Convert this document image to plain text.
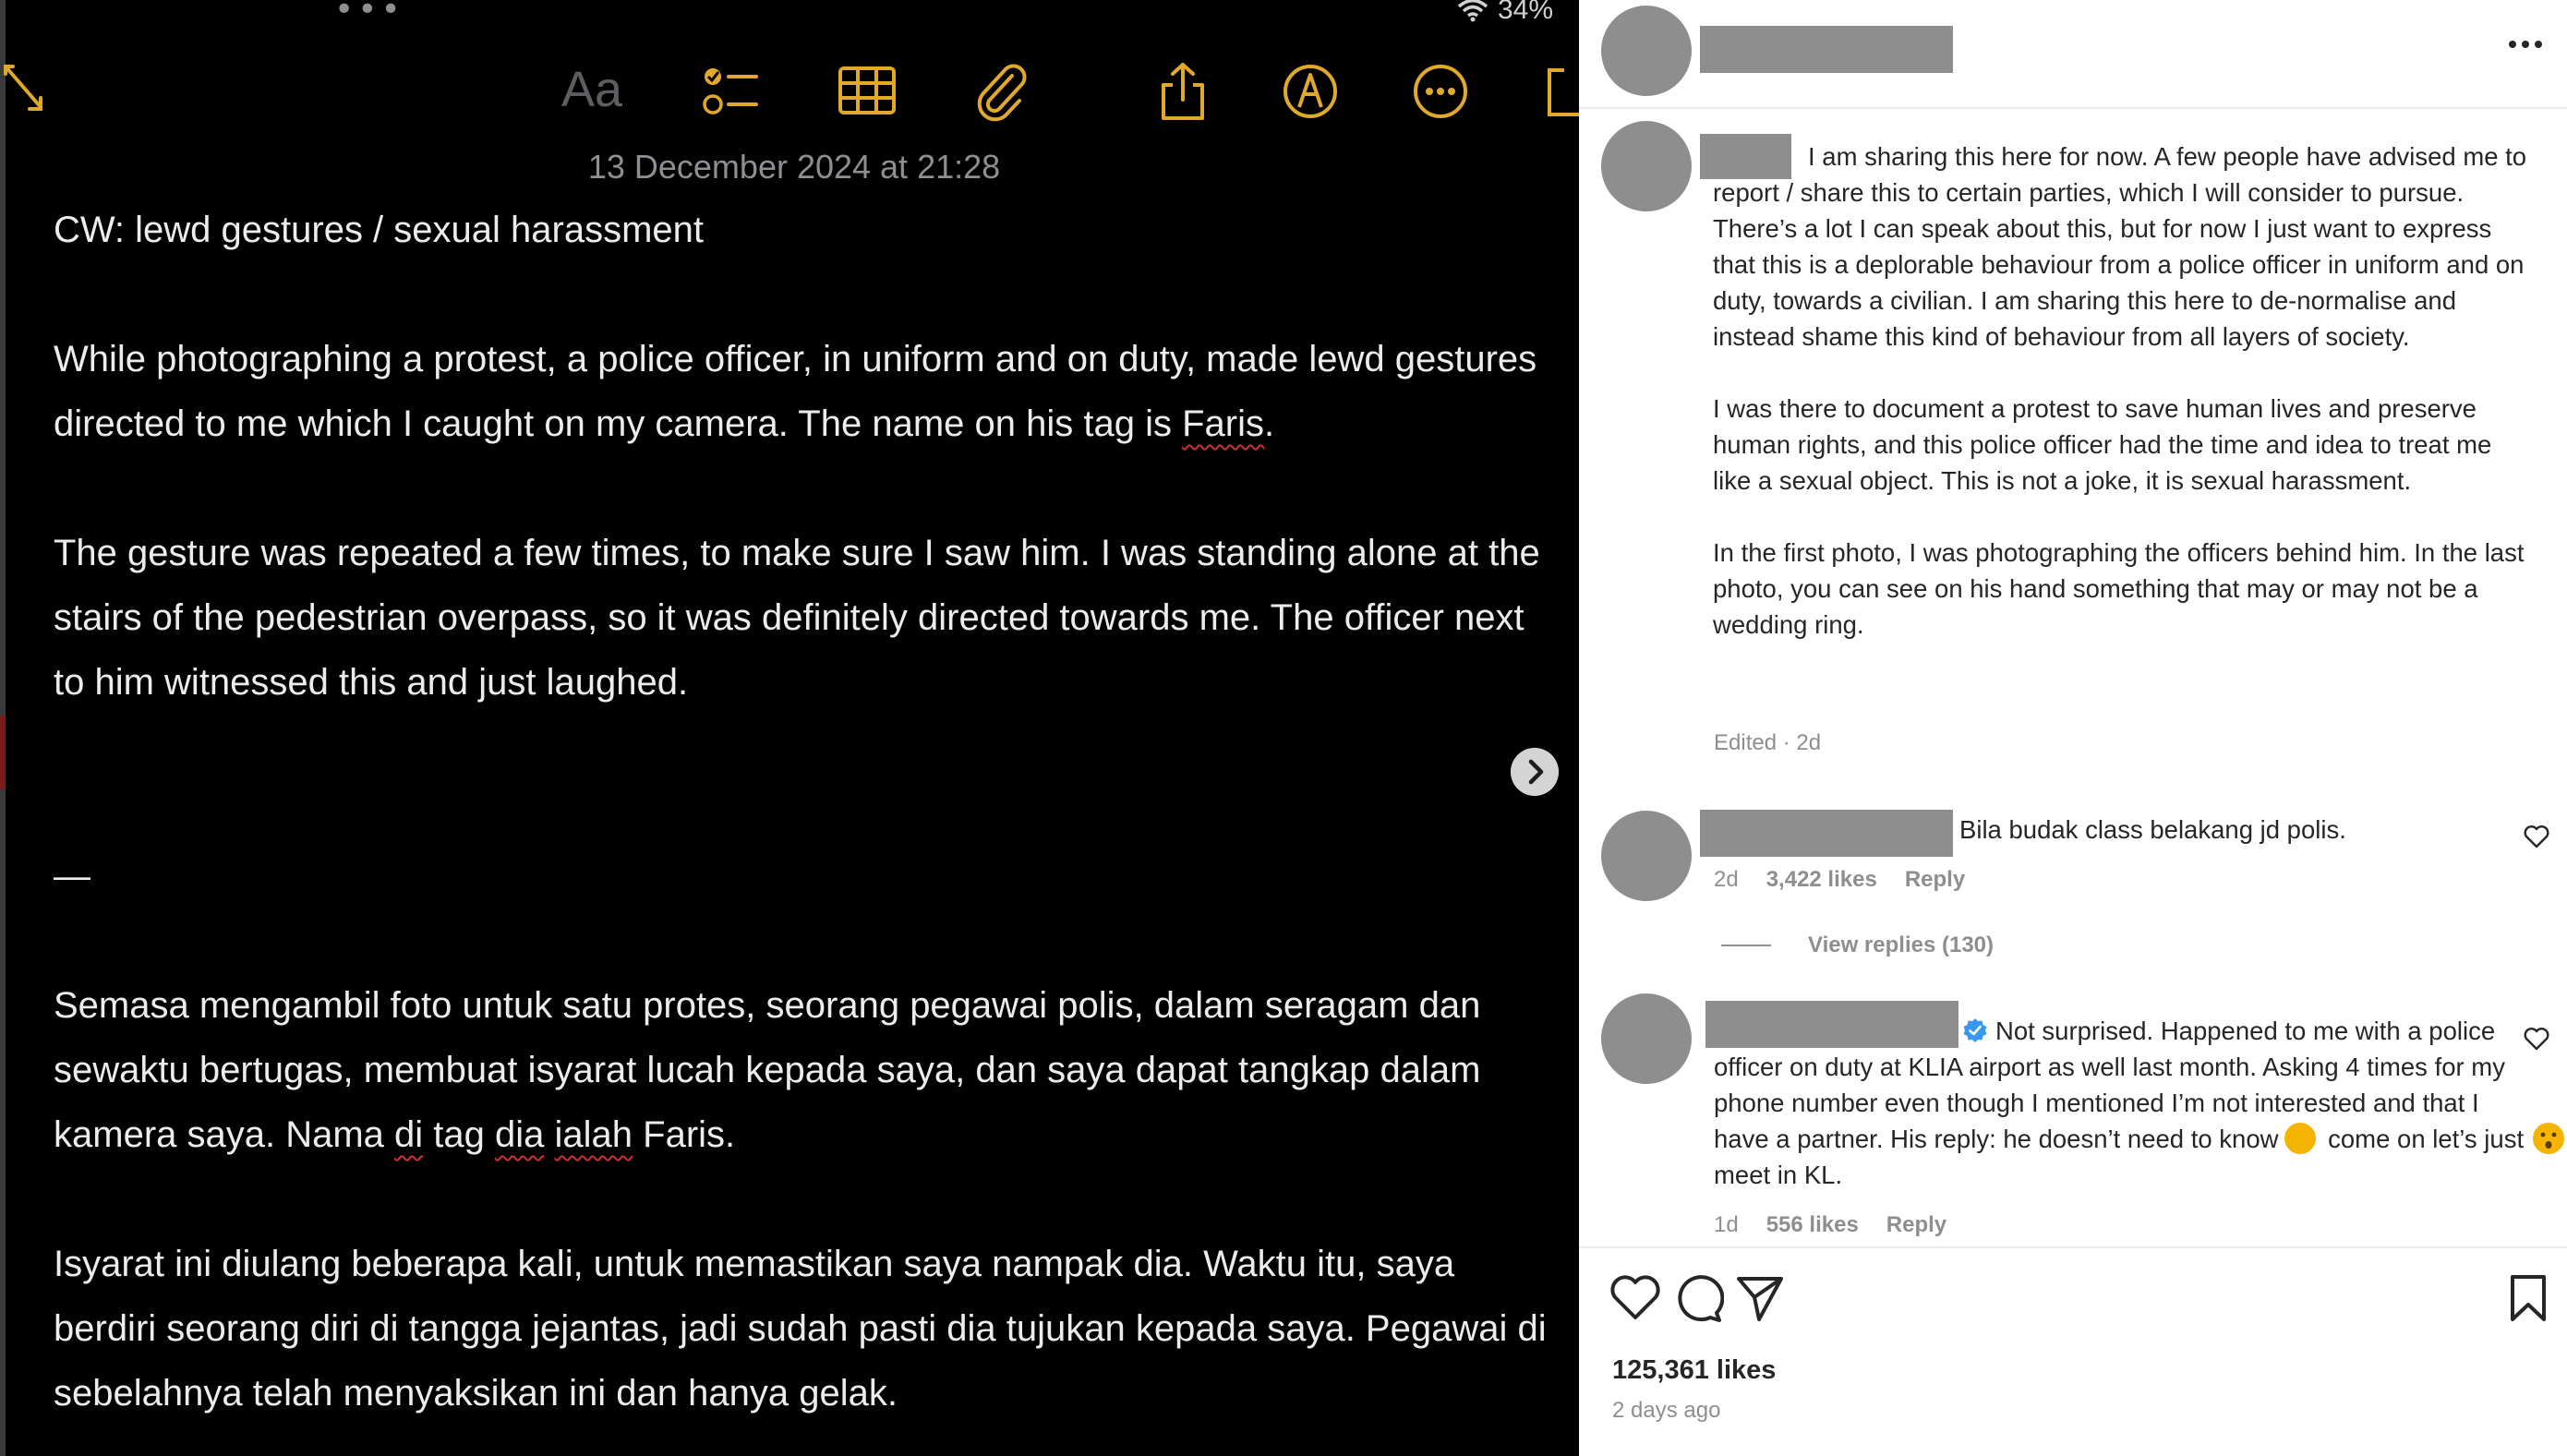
•••	34%
Aa
13 December 2024 at 21:28

CW: lewd gestures / sexual harassment

While photographing a protest, a police officer, in uniform and on duty, made lewd gestures directed to me which I caught on my camera. The name on his tag is Faris.

The gesture was repeated a few times, to make sure I saw him. I was standing alone at the stairs of the pedestrian overpass, so it was definitely directed towards me. The officer next to him witnessed this and just laughed.

—

Semasa mengambil foto untuk satu protes, seorang pegawai polis, dalam seragam dan sewaktu bertugas, membuat isyarat lucah kepada saya, dan saya dapat tangkap dalam kamera saya. Nama di tag dia ialah Faris.

Isyarat ini diulang beberapa kali, untuk memastikan saya nampak dia. Waktu itu, saya berdiri seorang diri di tangga jejantas, jadi sudah pasti dia tujukan kepada saya. Pegawai di sebelahnya telah menyaksikan ini dan hanya gelak.

I am sharing this here for now. A few people have advised me to report / share this to certain parties, which I will consider to pursue. There’s a lot I can speak about this, but for now I just want to express that this is a deplorable behaviour from a police officer in uniform and on duty, towards a civilian. I am sharing this here to de-normalise and instead shame this kind of behaviour from all layers of society.

I was there to document a protest to save human lives and preserve human rights, and this police officer had the time and idea to treat me like a sexual object. This is not a joke, it is sexual harassment.

In the first photo, I was photographing the officers behind him. In the last photo, you can see on his hand something that may or may not be a wedding ring.

Edited · 2d
Bila budak class belakang jd polis.
2d 3,422 likes Reply
View replies (130)
Not surprised. Happened to me with a police officer on duty at KLIA airport as well last month. Asking 4 times for my phone number even though I mentioned I’m not interested and that I have a partner. His reply: he doesn’t need to know come on let’s just meet in KL.
1d 556 likes Reply
125,361 likes
2 days ago
